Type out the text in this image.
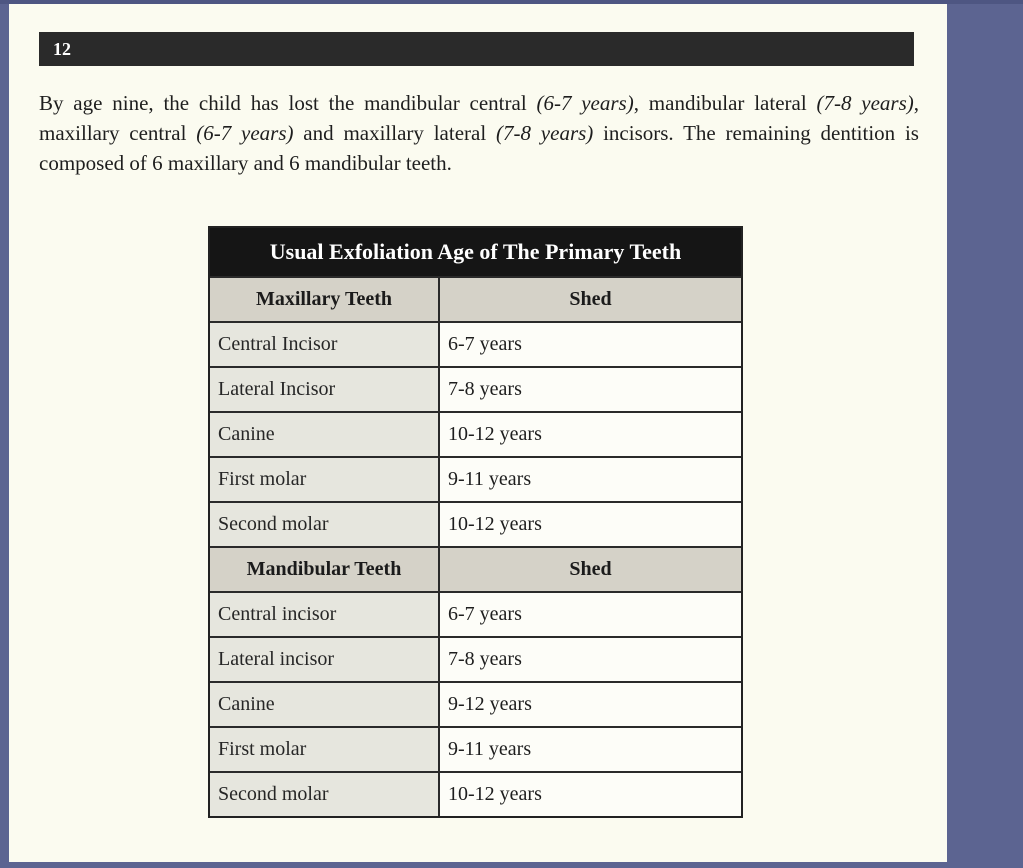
12

By age nine, the child has lost the mandibular central (6-7 years), mandibular lateral (7-8 years), maxillary central (6-7 years) and maxillary lateral (7-8 years) incisors. The remaining dentition is composed of 6 maxillary and 6 mandibular teeth.

Usual Exfoliation Age of The Primary Teeth
Maxillary Teeth	Shed
Central Incisor	6-7 years
Lateral Incisor	7-8 years
Canine	10-12 years
First molar	9-11 years
Second molar	10-12 years
Mandibular Teeth	Shed
Central incisor	6-7 years
Lateral incisor	7-8 years
Canine	9-12 years
First molar	9-11 years
Second molar	10-12 years
